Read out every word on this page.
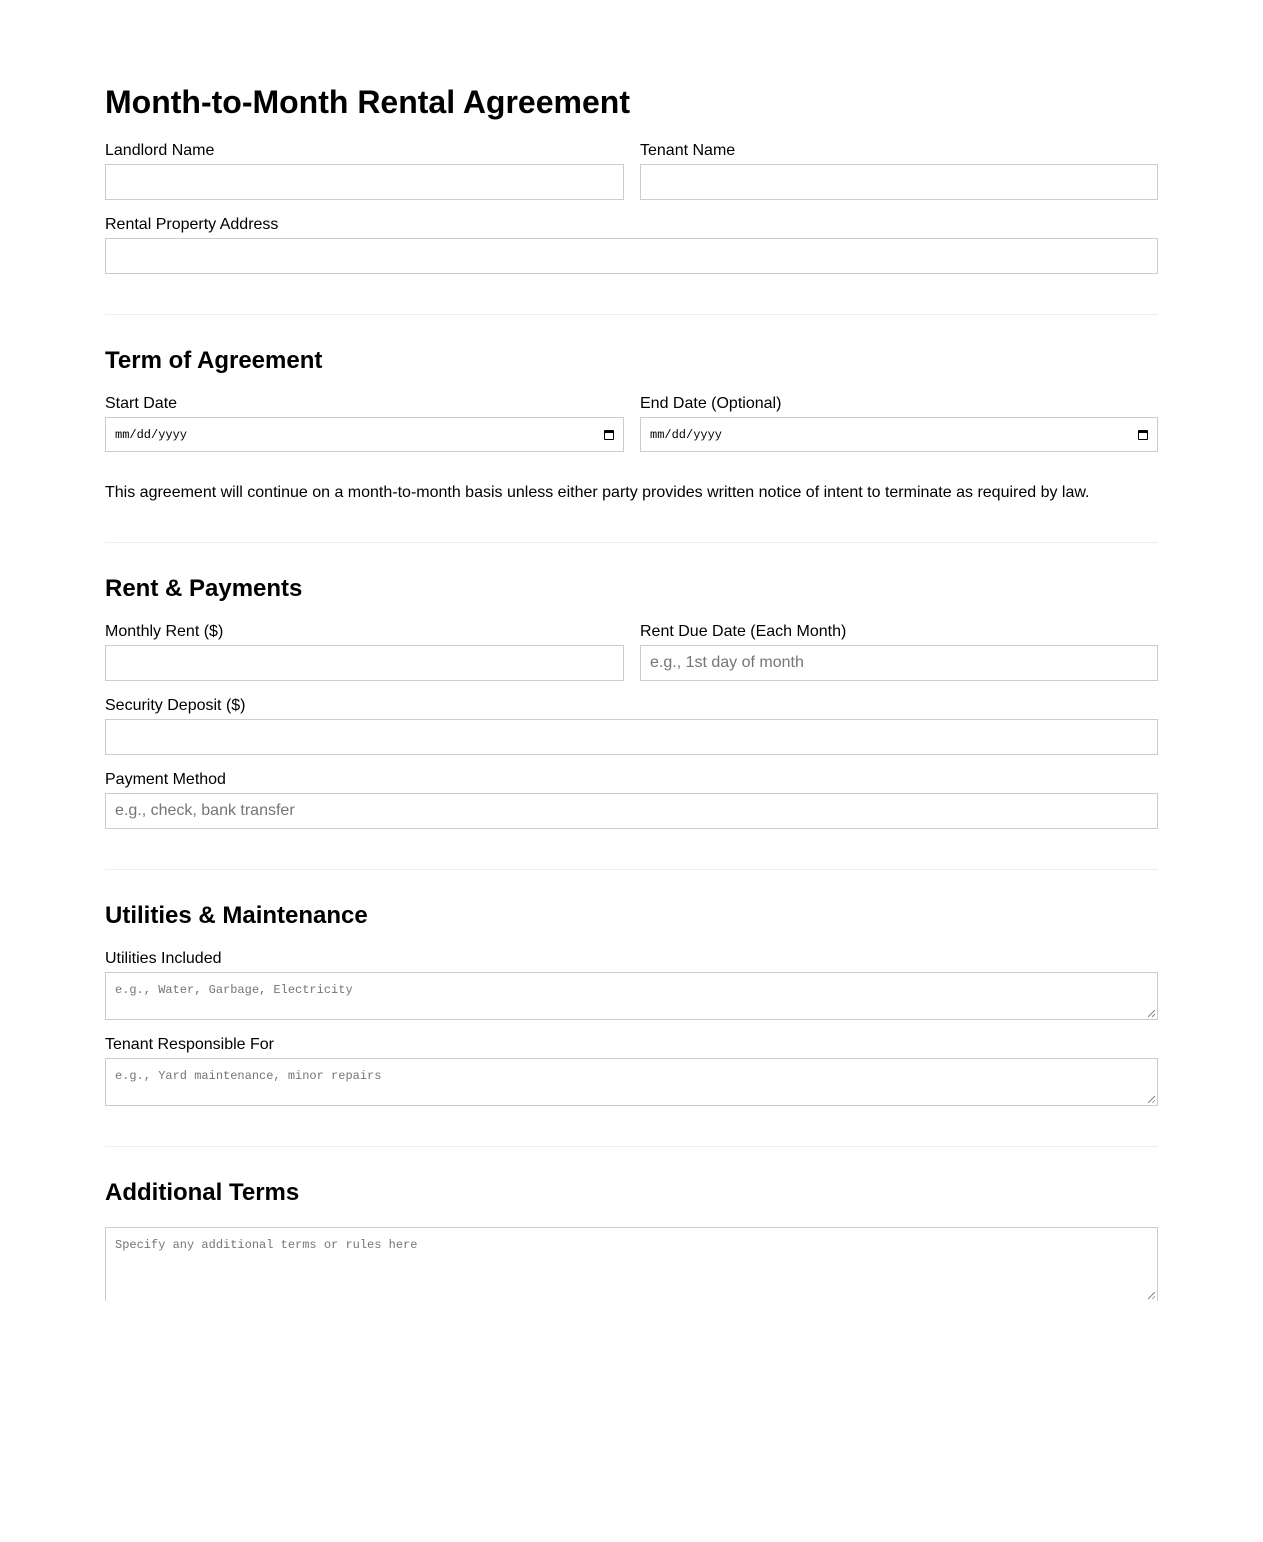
Month-to-Month Rental Agreement
Landlord Name	Tenant Name
Rental Property Address
Term of Agreement
Start Date
mm/dd/yyyy
End Date (Optional)
mm/dd/yyyy
This agreement will continue on a month-to-month basis unless either party provides written notice of intent to terminate as required by law.
Rent & Payments
Monthly Rent ($)	Rent Due Date (Each Month)
e.g., 1st day of month
Security Deposit ($)
Payment Method
e.g., check, bank transfer
Utilities & Maintenance
Utilities Included
e.g., Water, Garbage, Electricity
Tenant Responsible For
e.g., Yard maintenance, minor repairs
Additional Terms
Specify any additional terms or rules here
